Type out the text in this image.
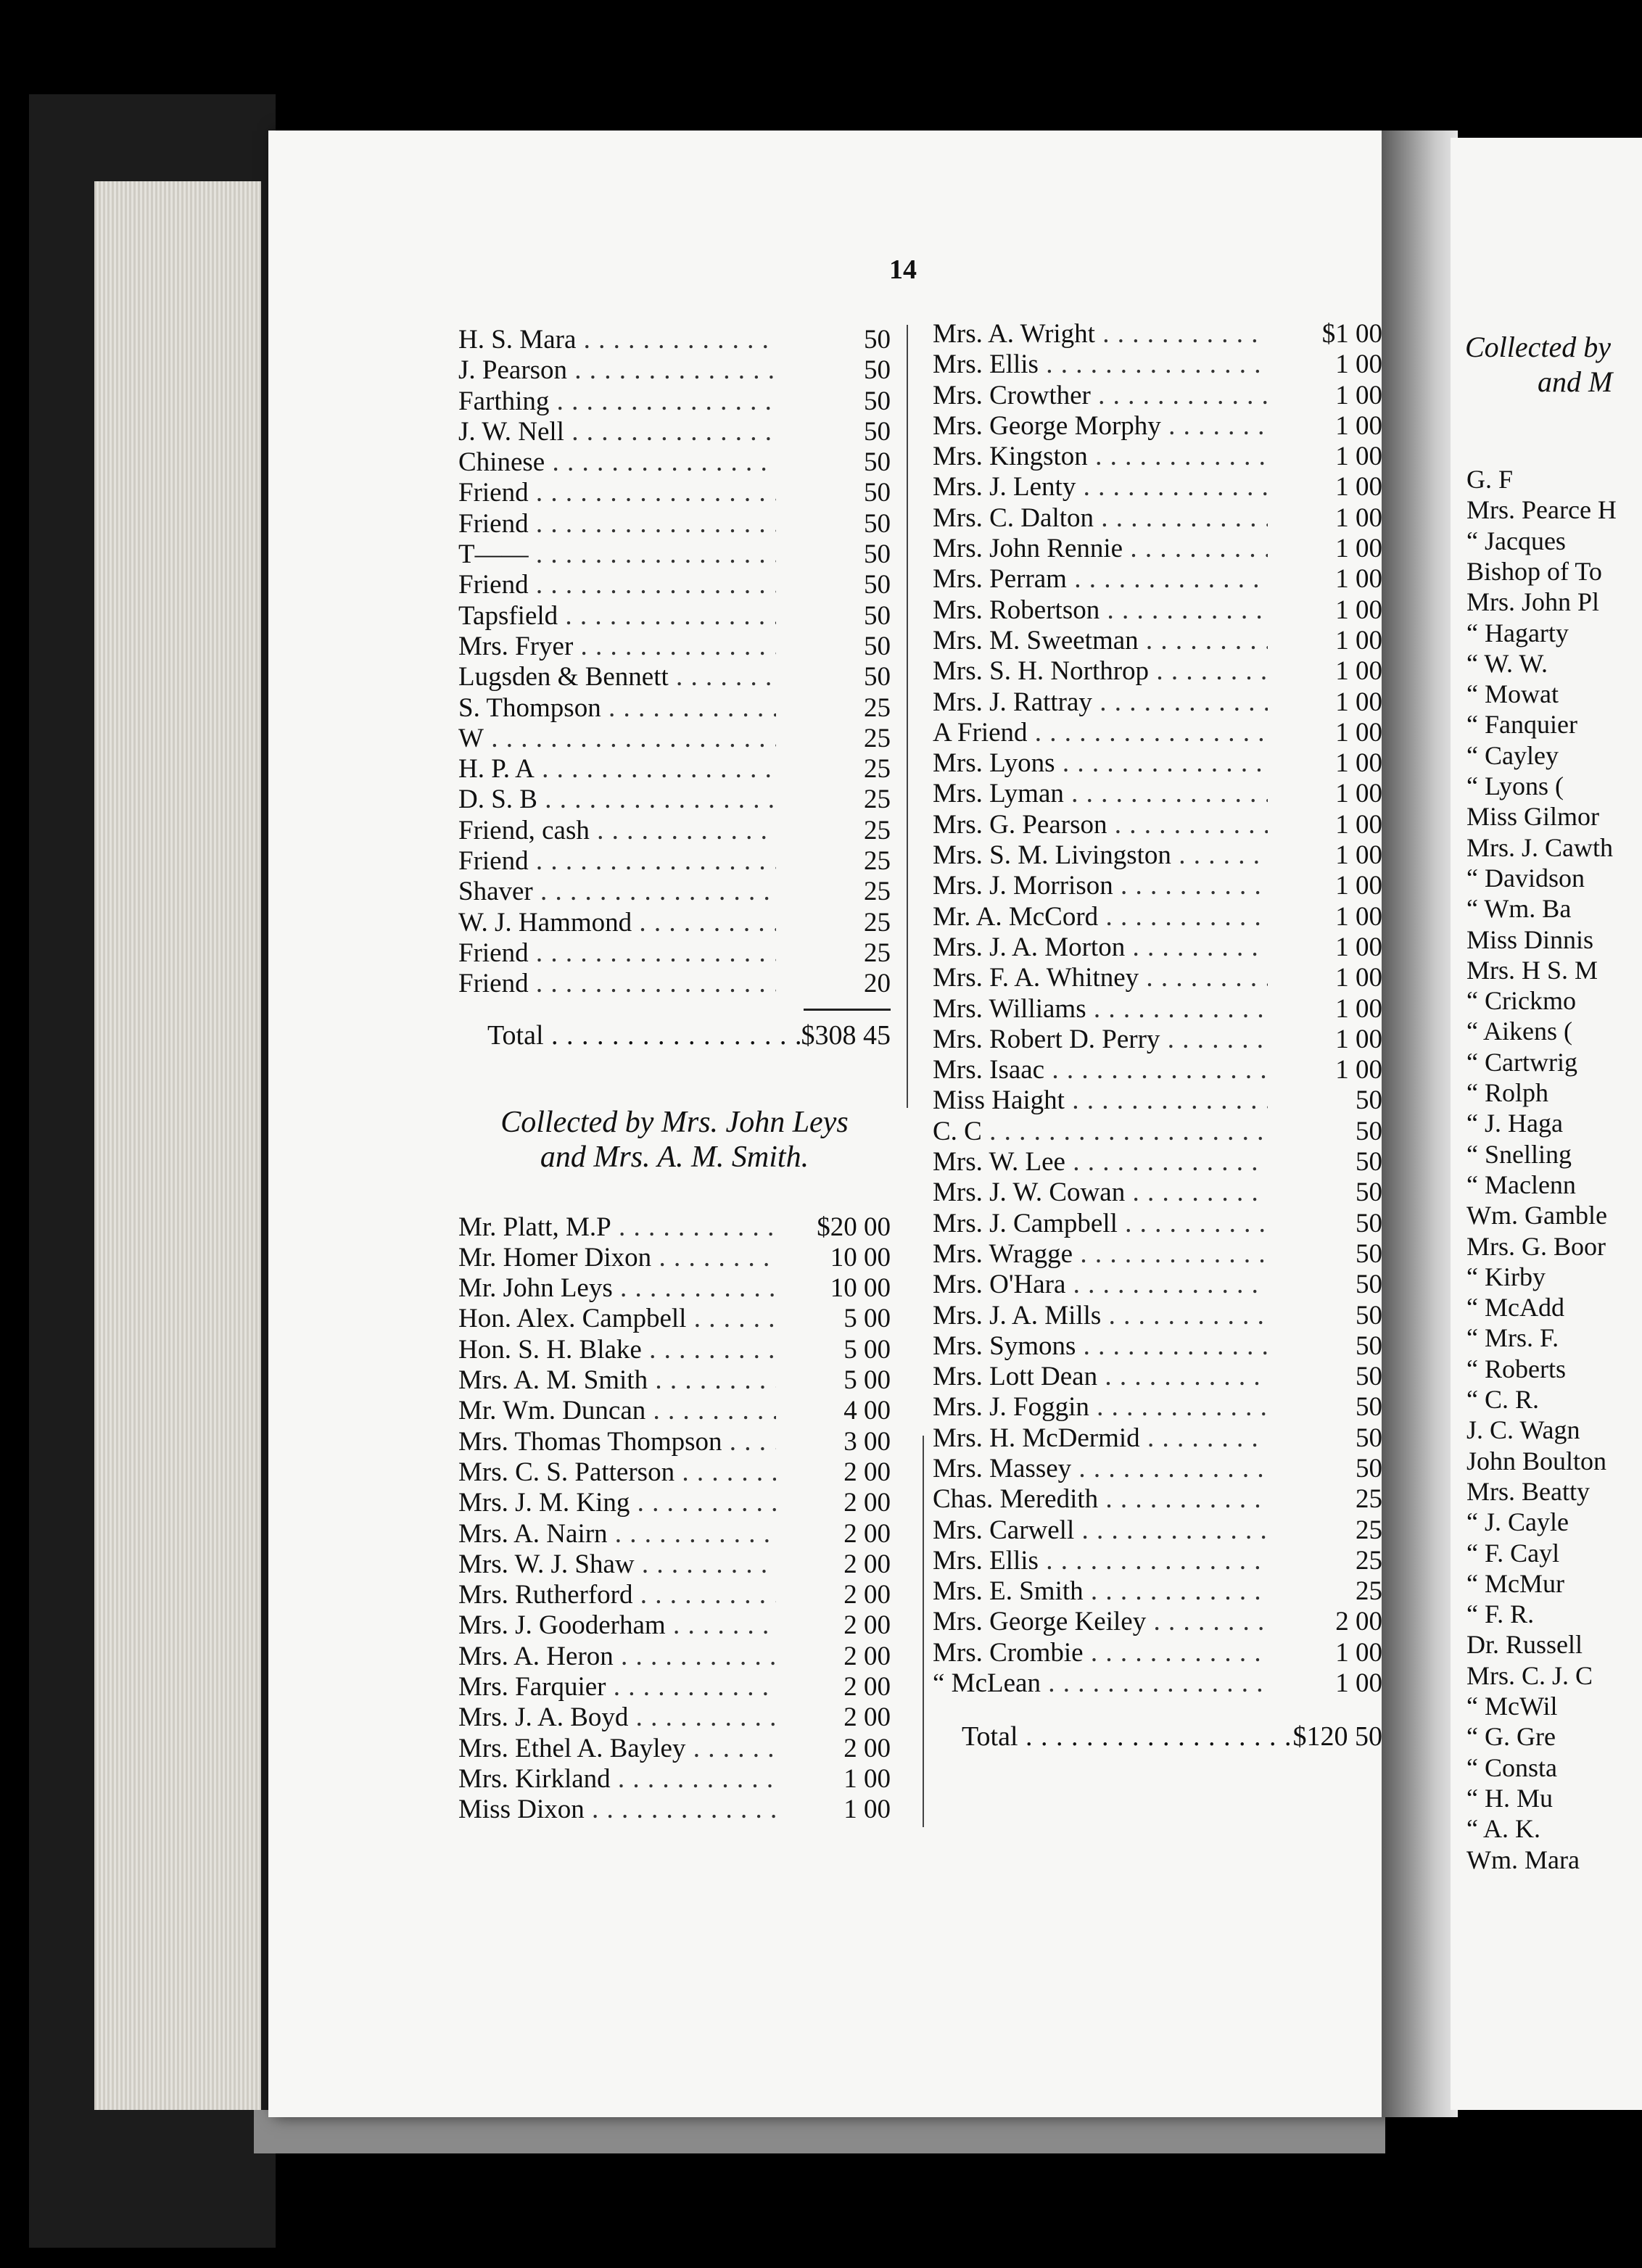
14
H. S. Mara . . .	50
J. Pearson . . .	50
Farthing . . .	50
J. W. Nell . . .	50
Chinese . . .	50
Friend . . .	50
Friend . . .	50
T—— . . .	50
Friend . . .	50
Tapsfield . . .	50
Mrs. Fryer . . .	50
Lugsden & Bennett . . .	50
S. Thompson . . .	25
W . . .	25
H. P. A . . .	25
D. S. B . . .	25
Friend, cash . . .	25
Friend . . .	25
Shaver . . .	25
W. J. Hammond . . .	25
Friend . . .	25
Friend . . .	20
Total . . .	$308 45
Collected by Mrs. John Leys
and Mrs. A. M. Smith.
Mr. Platt, M.P . . .	$20 00
Mr. Homer Dixon . . .	10 00
Mr. John Leys . . .	10 00
Hon. Alex. Campbell . . .	5 00
Hon. S. H. Blake . . .	5 00
Mrs. A. M. Smith . . .	5 00
Mr. Wm. Duncan . . .	4 00
Mrs. Thomas Thompson . . .	3 00
Mrs. C. S. Patterson . . .	2 00
Mrs. J. M. King . . .	2 00
Mrs. A. Nairn . . .	2 00
Mrs. W. J. Shaw . . .	2 00
Mrs. Rutherford . . .	2 00
Mrs. J. Gooderham . . .	2 00
Mrs. A. Heron . . .	2 00
Mrs. Farquier . . .	2 00
Mrs. J. A. Boyd . . .	2 00
Mrs. Ethel A. Bayley . . .	2 00
Mrs. Kirkland . . .	1 00
Miss Dixon . . .	1 00
Mrs. A. Wright . . .	$1 00
Mrs. Ellis . . .	1 00
Mrs. Crowther . . .	1 00
Mrs. George Morphy . . .	1 00
Mrs. Kingston . . .	1 00
Mrs. J. Lenty . . .	1 00
Mrs. C. Dalton . . .	1 00
Mrs. John Rennie . . .	1 00
Mrs. Perram . . .	1 00
Mrs. Robertson . . .	1 00
Mrs. M. Sweetman . . .	1 00
Mrs. S. H. Northrop . . .	1 00
Mrs. J. Rattray . . .	1 00
A Friend . . .	1 00
Mrs. Lyons . . .	1 00
Mrs. Lyman . . .	1 00
Mrs. G. Pearson . . .	1 00
Mrs. S. M. Livingston . . .	1 00
Mrs. J. Morrison . . .	1 00
Mr. A. McCord . . .	1 00
Mrs. J. A. Morton . . .	1 00
Mrs. F. A. Whitney . . .	1 00
Mrs. Williams . . .	1 00
Mrs. Robert D. Perry . . .	1 00
Mrs. Isaac . . .	1 00
Miss Haight . . .	50
C. C . . .	50
Mrs. W. Lee . . .	50
Mrs. J. W. Cowan . . .	50
Mrs. J. Campbell . . .	50
Mrs. Wragge . . .	50
Mrs. O'Hara . . .	50
Mrs. J. A. Mills . . .	50
Mrs. Symons . . .	50
Mrs. Lott Dean . . .	50
Mrs. J. Foggin . . .	50
Mrs. H. McDermid . . .	50
Mrs. Massey . . .	50
Chas. Meredith . . .	25
Mrs. Carwell . . .	25
Mrs. Ellis . . .	25
Mrs. E. Smith . . .	25
Mrs. George Keiley . . .	2 00
Mrs. Crombie . . .	1 00
“ McLean . . .	1 00
Total . . .	$120 50
Collected by
and M
G. F
Mrs. Pearce H
“ Jacques
Bishop of To
Mrs. John Pl
“ Hagarty
“ W. W.
“ Mowat
“ Fanquier
“ Cayley
“ Lyons (
Miss Gilmor
Mrs. J. Cawth
“ Davidson
“ Wm. Ba
Miss Dinnis
Mrs. H S. M
“ Crickmo
“ Aikens (
“ Cartwrig
“ Rolph
“ J. Haga
“ Snelling
“ Maclenn
Wm. Gamble
Mrs. G. Boor
“ Kirby
“ McAdd
“ Mrs. F.
“ Roberts
“ C. R.
J. C. Wagn
John Boulton
Mrs. Beatty
“ J. Cayle
“ F. Cayl
“ McMur
“ F. R.
Dr. Russell
Mrs. C. J. C
“ McWil
“ G. Gre
“ Consta
“ H. Mu
“ A. K.
Wm. Mara
